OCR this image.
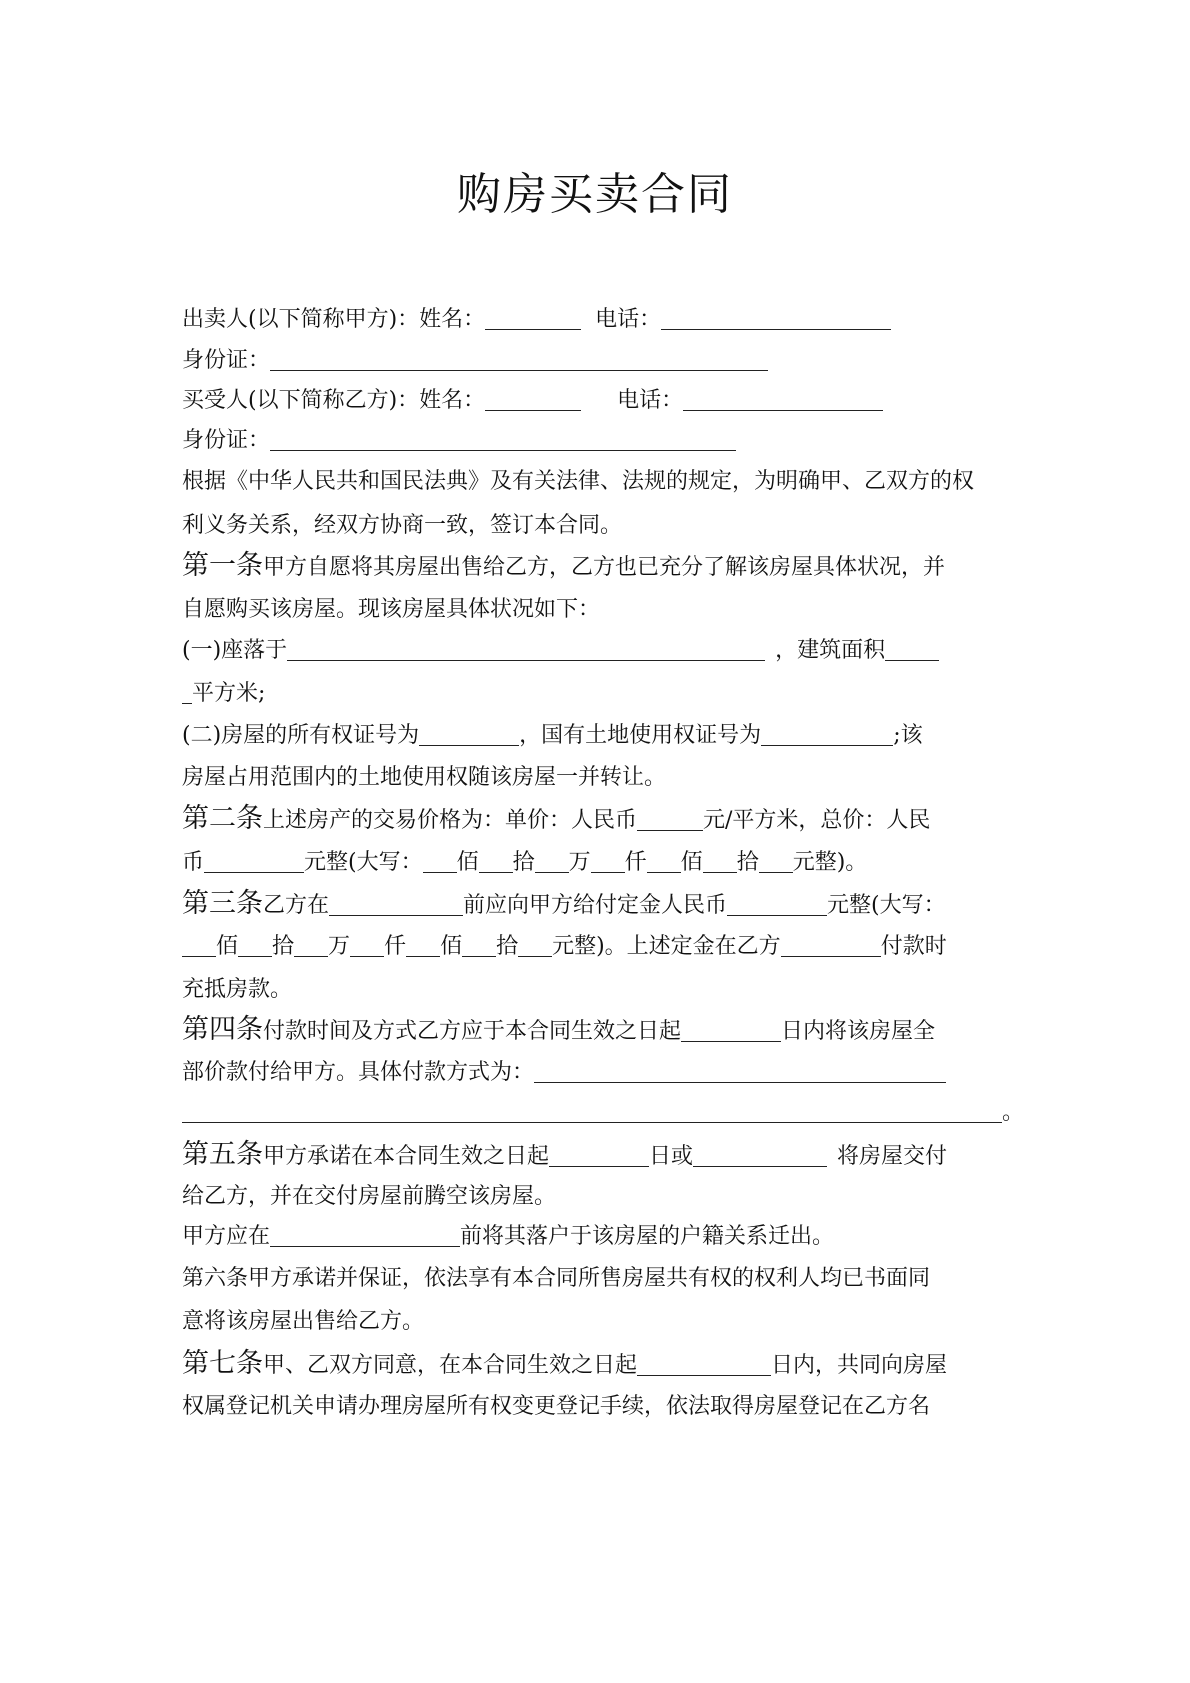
购房买卖合同
出卖人(以下简称甲方)：姓名：	电话：
身份证：
买受人(以下简称乙方)：姓名：	电话：
身份证：
根据《中华人民共和国民法典》及有关法律、法规的规定，为明确甲、乙双方的权
利义务关系，经双方协商一致，签订本合同。
第一条甲方自愿将其房屋出售给乙方，乙方也已充分了解该房屋具体状况，并
自愿购买该房屋。现该房屋具体状况如下：
(一)座落于	，建筑面积
平方米;
(二)房屋的所有权证号为	，国有土地使用权证号为	;该
房屋占用范围内的土地使用权随该房屋一并转让。
第二条上述房产的交易价格为：单价：人民币	元/平方米，总价：人民
币	元整(大写： 佰 拾 万 仟 佰 拾 元整)。
第三条乙方在	前应向甲方给付定金人民币	元整(大写：
佰 拾 万 仟 佰 拾 元整)。上述定金在乙方	付款时
充抵房款。
第四条付款时间及方式乙方应于本合同生效之日起	日内将该房屋全
部价款付给甲方。具体付款方式为：
。
第五条甲方承诺在本合同生效之日起	日或	将房屋交付
给乙方，并在交付房屋前腾空该房屋。
甲方应在	前将其落户于该房屋的户籍关系迁出。
第六条甲方承诺并保证，依法享有本合同所售房屋共有权的权利人均已书面同
意将该房屋出售给乙方。
第七条甲、乙双方同意，在本合同生效之日起	日内，共同向房屋
权属登记机关申请办理房屋所有权变更登记手续，依法取得房屋登记在乙方名
